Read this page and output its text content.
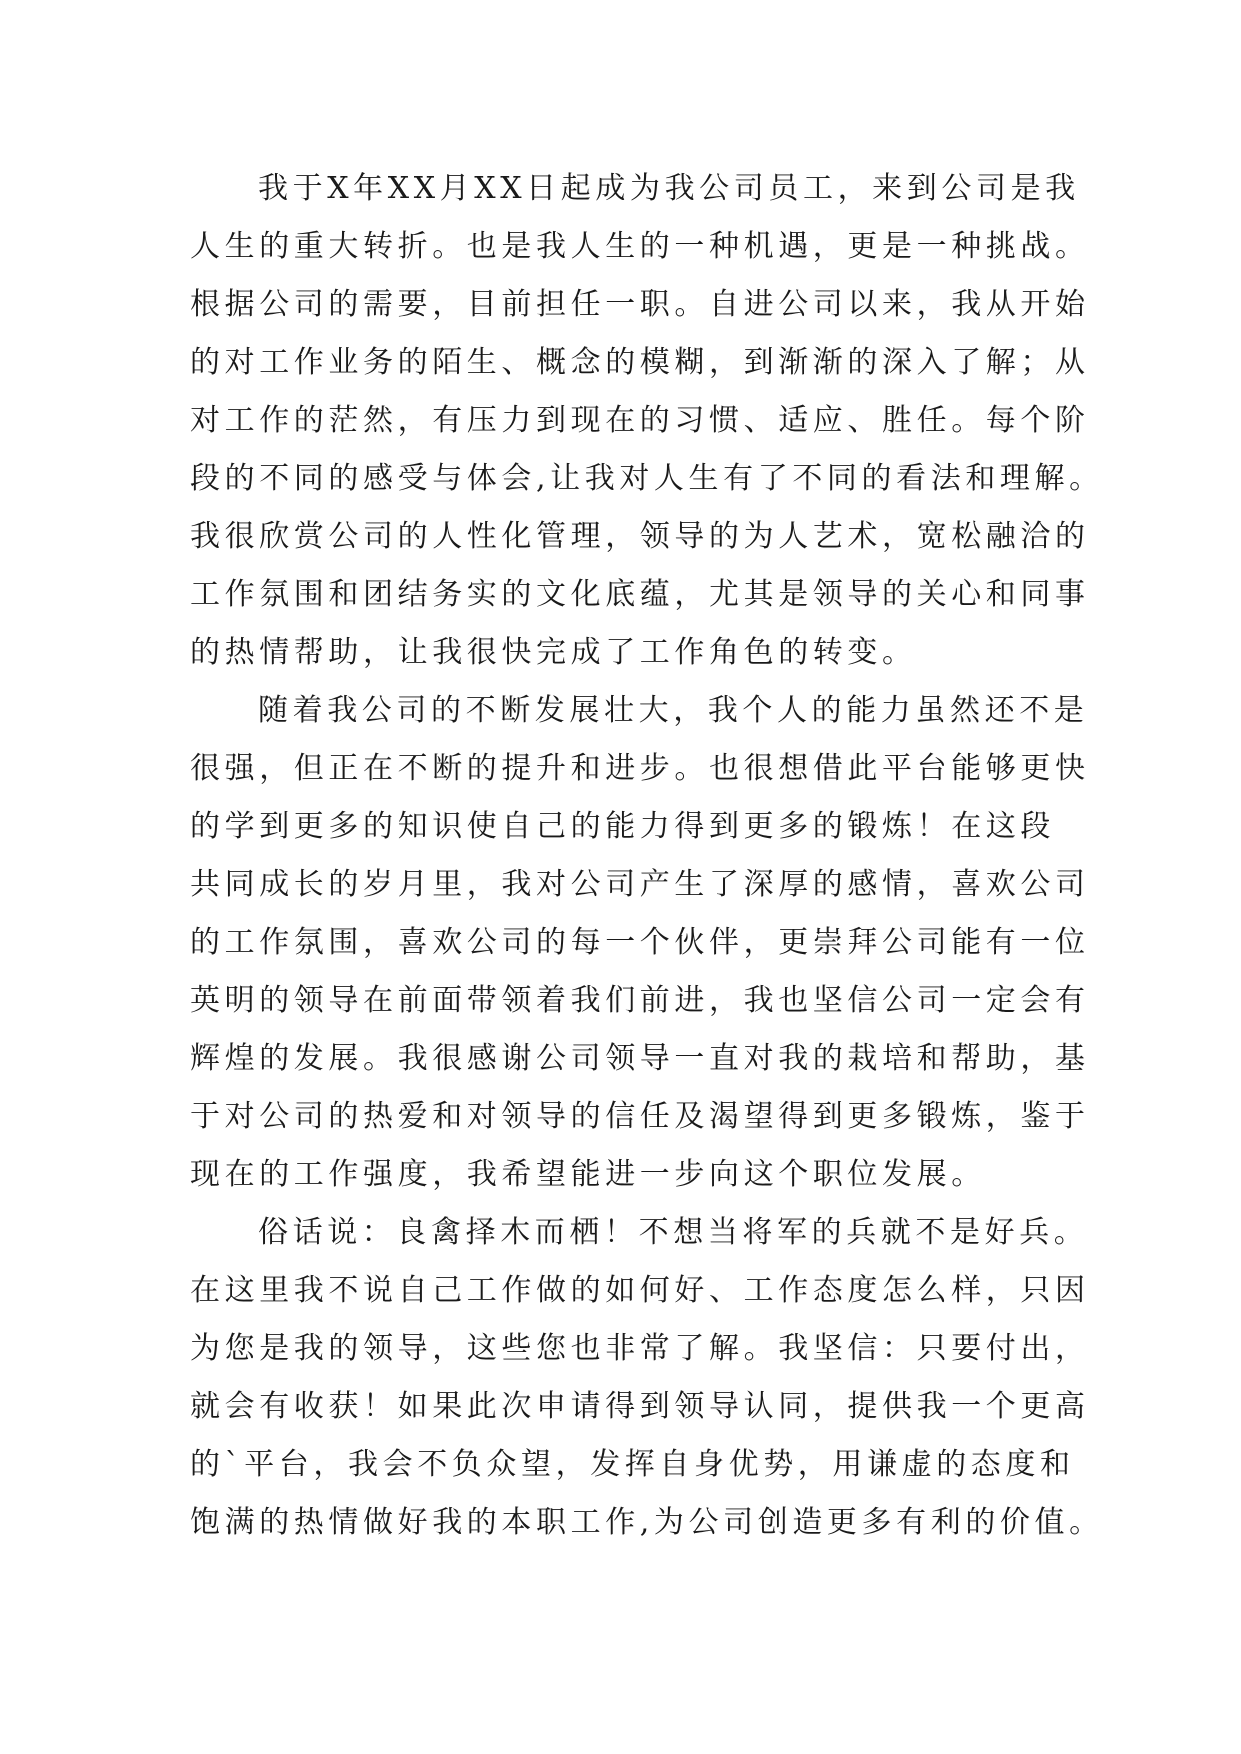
我于X年XX月XX日起成为我公司员工，来到公司是我
人生的重大转折。也是我人生的一种机遇，更是一种挑战。
根据公司的需要，目前担任一职。自进公司以来，我从开始
的对工作业务的陌生、概念的模糊，到渐渐的深入了解；从
对工作的茫然，有压力到现在的习惯、适应、胜任。每个阶
段的不同的感受与体会,让我对人生有了不同的看法和理解。
我很欣赏公司的人性化管理，领导的为人艺术，宽松融洽的
工作氛围和团结务实的文化底蕴，尤其是领导的关心和同事
的热情帮助，让我很快完成了工作角色的转变。
随着我公司的不断发展壮大，我个人的能力虽然还不是
很强，但正在不断的提升和进步。也很想借此平台能够更快
的学到更多的知识使自己的能力得到更多的锻炼！在这段
共同成长的岁月里，我对公司产生了深厚的感情，喜欢公司
的工作氛围，喜欢公司的每一个伙伴，更崇拜公司能有一位
英明的领导在前面带领着我们前进，我也坚信公司一定会有
辉煌的发展。我很感谢公司领导一直对我的栽培和帮助，基
于对公司的热爱和对领导的信任及渴望得到更多锻炼，鉴于
现在的工作强度，我希望能进一步向这个职位发展。
俗话说：良禽择木而栖！不想当将军的兵就不是好兵。
在这里我不说自己工作做的如何好、工作态度怎么样，只因
为您是我的领导，这些您也非常了解。我坚信：只要付出，
就会有收获！如果此次申请得到领导认同，提供我一个更高
的`平台，我会不负众望，发挥自身优势，用谦虚的态度和
饱满的热情做好我的本职工作,为公司创造更多有利的价值。
